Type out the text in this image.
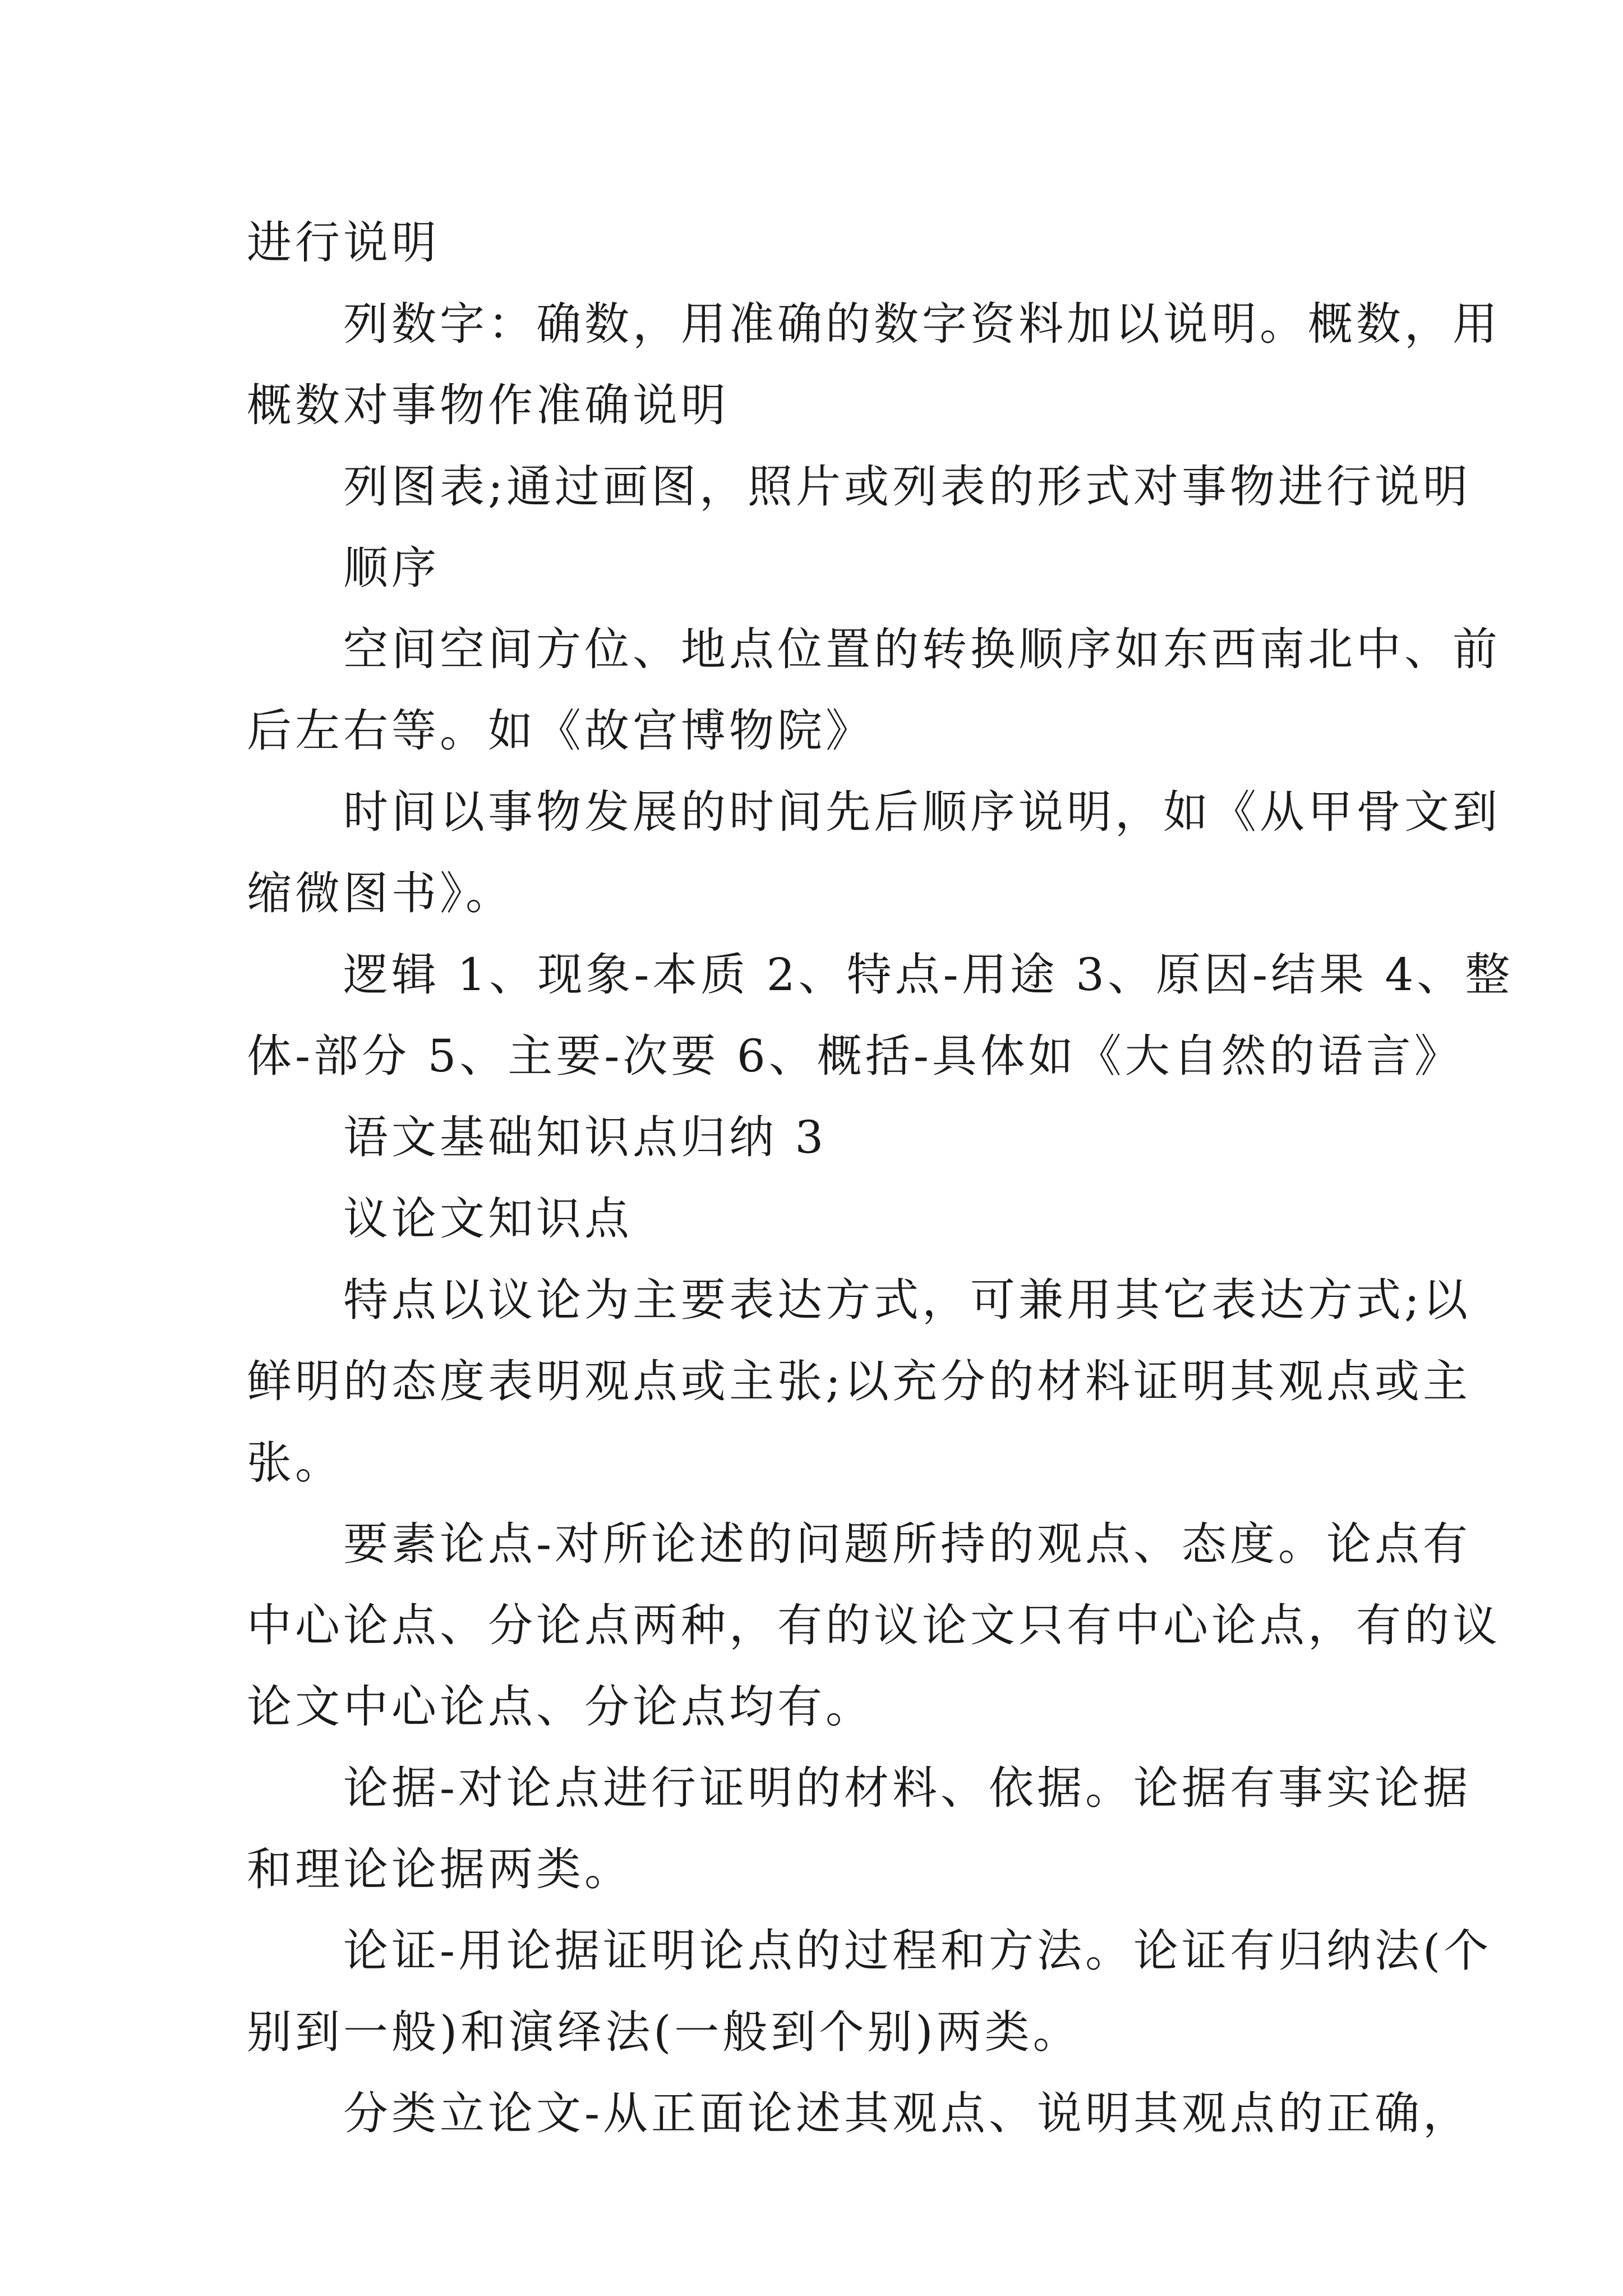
进行说明
　　列数字：确数，用准确的数字资料加以说明。概数，用
概数对事物作准确说明
　　列图表;通过画图，照片或列表的形式对事物进行说明
　　顺序
　　空间空间方位、地点位置的转换顺序如东西南北中、前
后左右等。如《故宫博物院》
　　时间以事物发展的时间先后顺序说明，如《从甲骨文到
缩微图书》。
　　逻辑 1、现象-本质 2、特点-用途 3、原因-结果 4、整
体-部分 5、主要-次要 6、概括-具体如《大自然的语言》
　　语文基础知识点归纳 3
　　议论文知识点
　　特点以议论为主要表达方式，可兼用其它表达方式;以
鲜明的态度表明观点或主张;以充分的材料证明其观点或主
张。
　　要素论点-对所论述的问题所持的观点、态度。论点有
中心论点、分论点两种，有的议论文只有中心论点，有的议
论文中心论点、分论点均有。
　　论据-对论点进行证明的材料、依据。论据有事实论据
和理论论据两类。
　　论证-用论据证明论点的过程和方法。论证有归纳法(个
别到一般)和演绎法(一般到个别)两类。
　　分类立论文-从正面论述其观点、说明其观点的正确，
